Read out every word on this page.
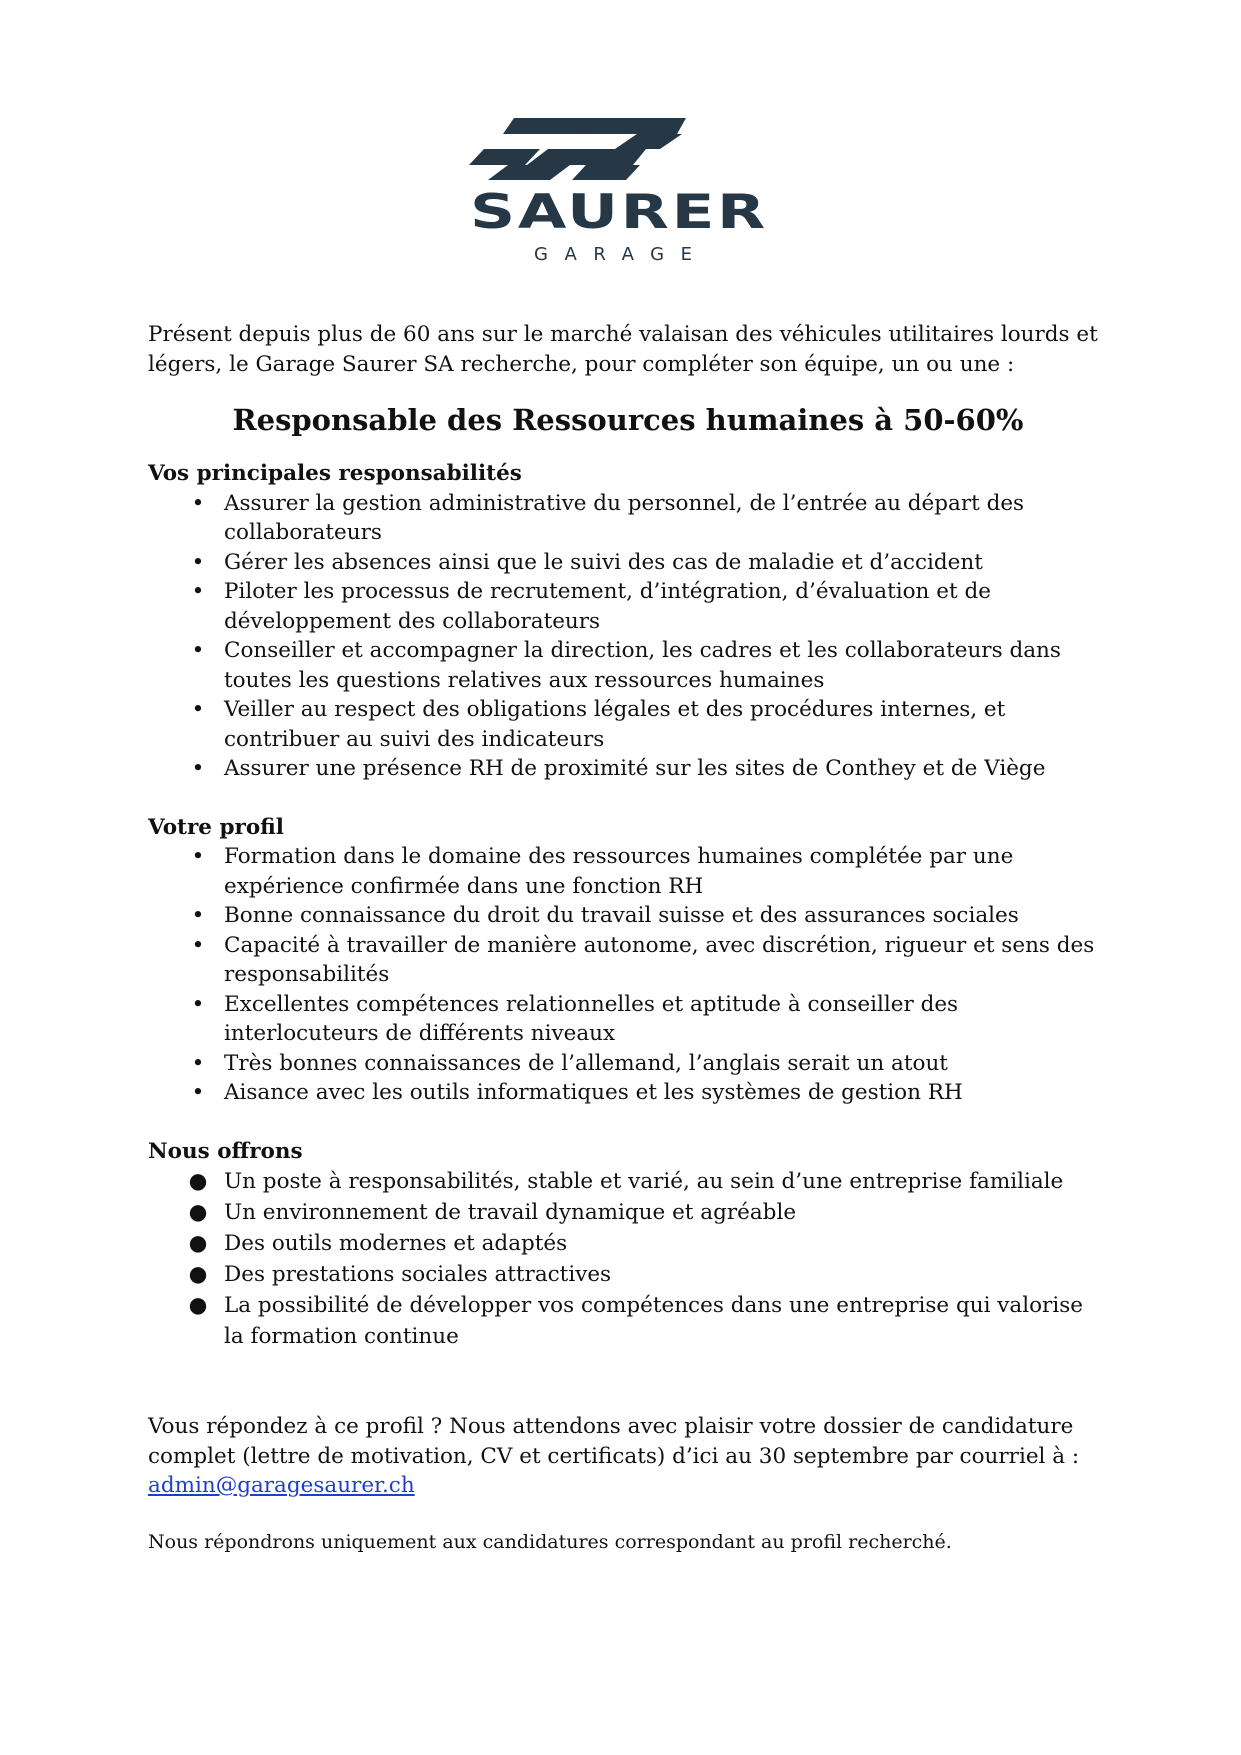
SAURER
GARAGE

Présent depuis plus de 60 ans sur le marché valaisan des véhicules utilitaires lourds et légers, le Garage Saurer SA recherche, pour compléter son équipe, un ou une :

Responsable des Ressources humaines à 50-60%
Vos principales responsabilités
• Assurer la gestion administrative du personnel, de l’entrée au départ des collaborateurs
• Gérer les absences ainsi que le suivi des cas de maladie et d’accident
• Piloter les processus de recrutement, d’intégration, d’évaluation et de développement des collaborateurs
• Conseiller et accompagner la direction, les cadres et les collaborateurs dans toutes les questions relatives aux ressources humaines
• Veiller au respect des obligations légales et des procédures internes, et contribuer au suivi des indicateurs
• Assurer une présence RH de proximité sur les sites de Conthey et de Viège
Votre profil
• Formation dans le domaine des ressources humaines complétée par une expérience confirmée dans une fonction RH
• Bonne connaissance du droit du travail suisse et des assurances sociales
• Capacité à travailler de manière autonome, avec discrétion, rigueur et sens des responsabilités
• Excellentes compétences relationnelles et aptitude à conseiller des interlocuteurs de différents niveaux
• Très bonnes connaissances de l’allemand, l’anglais serait un atout
• Aisance avec les outils informatiques et les systèmes de gestion RH
Nous offrons
● Un poste à responsabilités, stable et varié, au sein d’une entreprise familiale
● Un environnement de travail dynamique et agréable
● Des outils modernes et adaptés
● Des prestations sociales attractives
● La possibilité de développer vos compétences dans une entreprise qui valorise la formation continue

Vous répondez à ce profil ? Nous attendons avec plaisir votre dossier de candidature complet (lettre de motivation, CV et certificats) d’ici au 30 septembre par courriel à :
admin@garagesaurer.ch

Nous répondrons uniquement aux candidatures correspondant au profil recherché.
